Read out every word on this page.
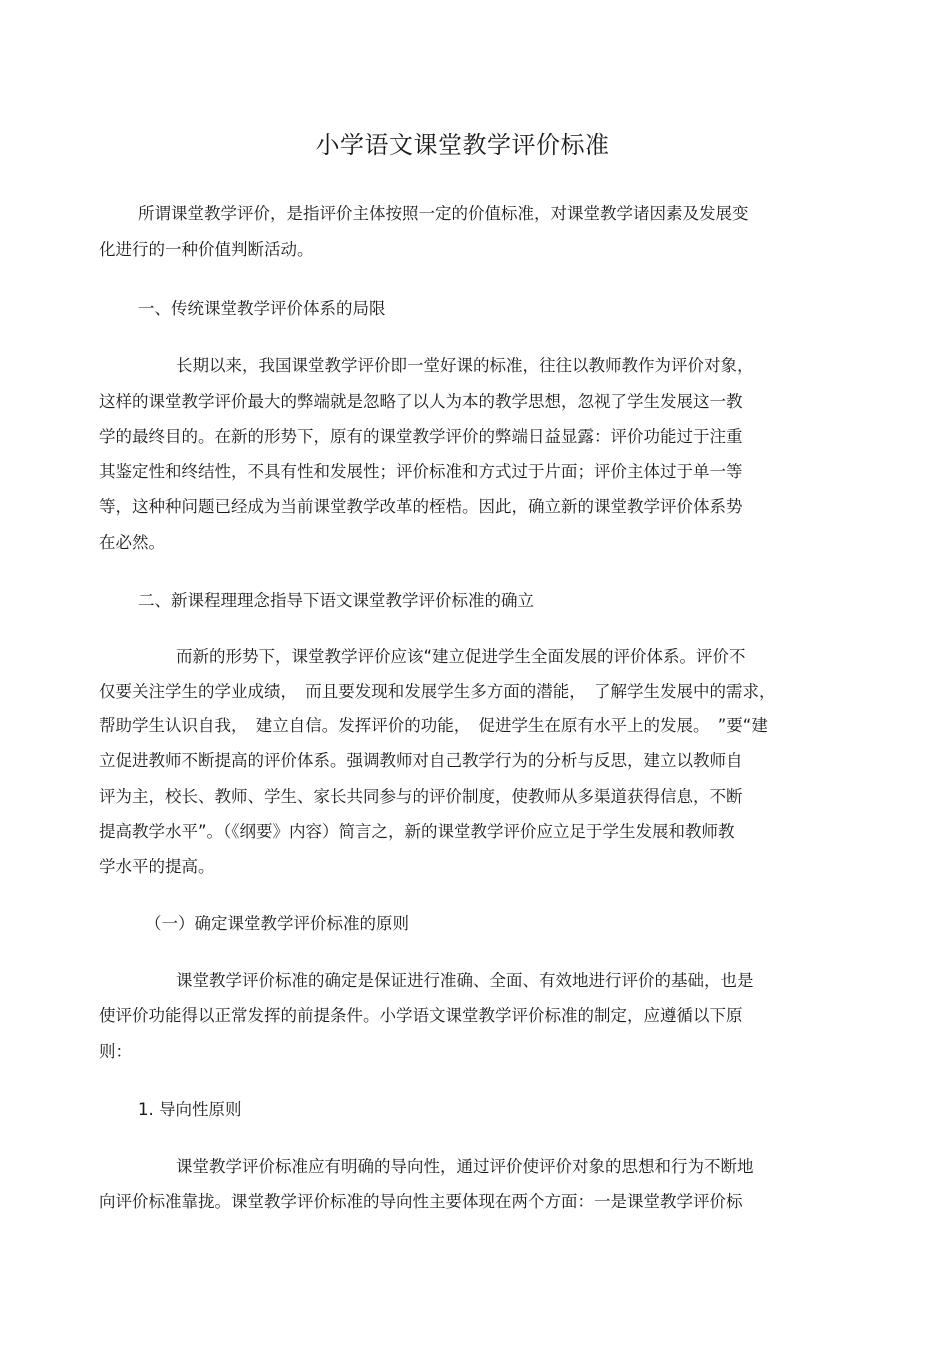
小学语文课堂教学评价标准
所谓课堂教学评价，是指评价主体按照一定的价值标准，对课堂教学诸因素及发展变
化进行的一种价值判断活动。
一、传统课堂教学评价体系的局限
长期以来，我国课堂教学评价即一堂好课的标准，往往以教师教作为评价对象，
这样的课堂教学评价最大的弊端就是忽略了以人为本的教学思想，忽视了学生发展这一教
学的最终目的。在新的形势下，原有的课堂教学评价的弊端日益显露：评价功能过于注重
其鉴定性和终结性，不具有性和发展性；评价标准和方式过于片面；评价主体过于单一等
等，这种种问题已经成为当前课堂教学改革的桎梏。因此，确立新的课堂教学评价体系势
在必然。
二、新课程理理念指导下语文课堂教学评价标准的确立
而新的形势下，课堂教学评价应该“建立促进学生全面发展的评价体系。评价不
仅要关注学生的学业成绩，　而且要发现和发展学生多方面的潜能，　了解学生发展中的需求，
帮助学生认识自我，　建立自信。发挥评价的功能，　促进学生在原有水平上的发展。　”要“建
立促进教师不断提高的评价体系。强调教师对自己教学行为的分析与反思，建立以教师自
评为主，校长、教师、学生、家长共同参与的评价制度，使教师从多渠道获得信息，不断
提高教学水平”。（《纲要》内容）简言之，新的课堂教学评价应立足于学生发展和教师教
学水平的提高。
（一）确定课堂教学评价标准的原则
课堂教学评价标准的确定是保证进行准确、全面、有效地进行评价的基础，也是
使评价功能得以正常发挥的前提条件。小学语文课堂教学评价标准的制定，应遵循以下原
则：
1. 导向性原则
课堂教学评价标准应有明确的导向性，通过评价使评价对象的思想和行为不断地
向评价标准靠拢。课堂教学评价标准的导向性主要体现在两个方面：一是课堂教学评价标
